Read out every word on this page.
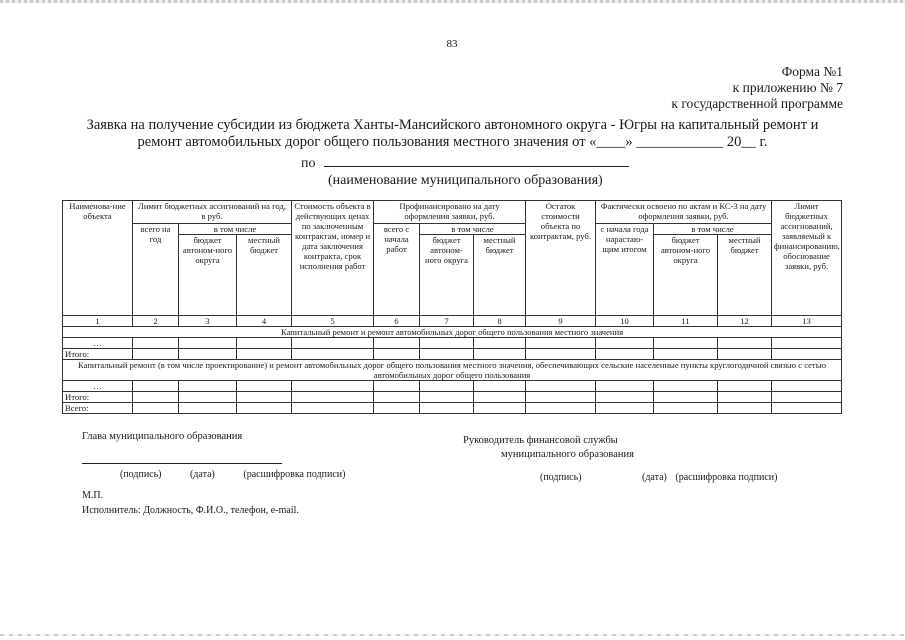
83
Форма №1
к приложению № 7
к государственной программе
Заявка на получение субсидии из бюджета Ханты-Мансийского автономного округа - Югры на капитальный ремонт и
ремонт автомобильных дорог общего пользования местного значения от «____» ____________ 20__ г.
по
(наименование муниципального образования)
Наименова-ние объекта	Лимит бюджетных ассигнований на год, в руб.			Стоимость объекта в действующих ценах по заключенным контрактам, номер и дата заключения контракта, срок исполнения работ	Профинансировано на дату оформления заявки, руб.			Остаток стоимости объекта по контрактам, руб.	Фактически освоено по актам и КС-3 на дату оформления заявки, руб.			Лимит бюджетных ассигнований, заявляемый к финансированию, обоснование заявки, руб.
	всего на год	в том числе			всего с начала работ	в том числе			с начала года нарастаю-щим итогом	в том числе		
		бюджет автоном-ного округа	местный бюджет			бюджет автоном-ного округа	местный бюджет			бюджет автоном-ного округа	местный бюджет	
1	2	3	4	5	6	7	8	9	10	11	12	13
Капитальный ремонт и ремонт автомобильных дорог общего пользования местного значения												
…												
Итого:												
Капитальный ремонт (в том числе проектирование) и ремонт автомобильных дорог общего пользования местного значения, обеспечивающих сельские населенные пункты круглогодичной связью с сетью автомобильных дорог общего пользования												
…												
Итого:												
Всего:												
Глава муниципального образования
(подпись)	(дата)	(расшифровка подписи)
Руководитель финансовой службы
муниципального образования
(подпись)	(дата) (расшифровка подписи)
М.П.
Исполнитель: Должность, Ф.И.О., телефон, e-mail.
